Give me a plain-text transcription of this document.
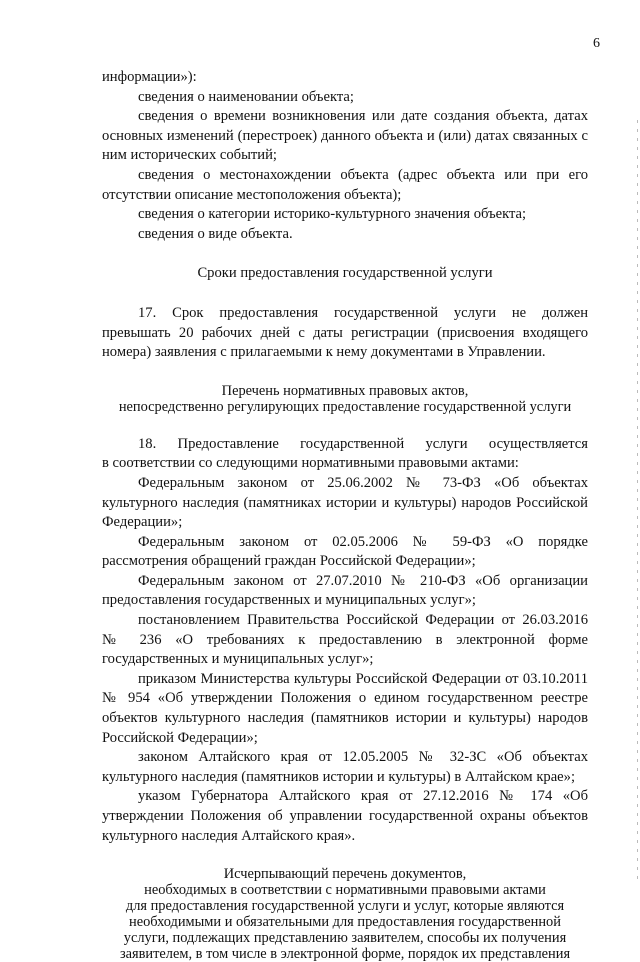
6

информации»):

сведения о наименовании объекта;

сведения о времени возникновения или дате создания объекта, датах

основных изменений (перестроек) данного объекта и (или) датах связанных с

ним исторических событий;

сведения о местонахождении объекта (адрес объекта или при его

отсутствии описание местоположения объекта);

сведения о категории историко-культурного значения объекта;

сведения о виде объекта.

Сроки предоставления государственной услуги

17. Срок предоставления государственной услуги не должен

превышать 20 рабочих дней с даты регистрации (присвоения входящего

номера) заявления с прилагаемыми к нему документами в Управлении.

Перечень нормативных правовых актов,

непосредственно регулирующих предоставление государственной услуги

18. Предоставление государственной услуги осуществляется

в соответствии со следующими нормативными правовыми актами:

Федеральным законом от 25.06.2002 № 73-ФЗ «Об объектах

культурного наследия (памятниках истории и культуры) народов Российской

Федерации»;

Федеральным законом от 02.05.2006 № 59-ФЗ «О порядке

рассмотрения обращений граждан Российской Федерации»;

Федеральным законом от 27.07.2010 № 210-ФЗ «Об организации

предоставления государственных и муниципальных услуг»;

постановлением Правительства Российской Федерации от 26.03.2016

№ 236 «О требованиях к предоставлению в электронной форме

государственных и муниципальных услуг»;

приказом Министерства культуры Российской Федерации от 03.10.2011

№ 954 «Об утверждении Положения о едином государственном реестре

объектов культурного наследия (памятников истории и культуры) народов

Российской Федерации»;

законом Алтайского края от 12.05.2005 № 32-ЗС «Об объектах

культурного наследия (памятников истории и культуры) в Алтайском крае»;

указом Губернатора Алтайского края от 27.12.2016 № 174 «Об

утверждении Положения об управлении государственной охраны объектов

культурного наследия Алтайского края».

Исчерпывающий перечень документов,

необходимых в соответствии с нормативными правовыми актами

для предоставления государственной услуги и услуг, которые являются

необходимыми и обязательными для предоставления государственной

услуги, подлежащих представлению заявителем, способы их получения

заявителем, в том числе в электронной форме, порядок их представления
